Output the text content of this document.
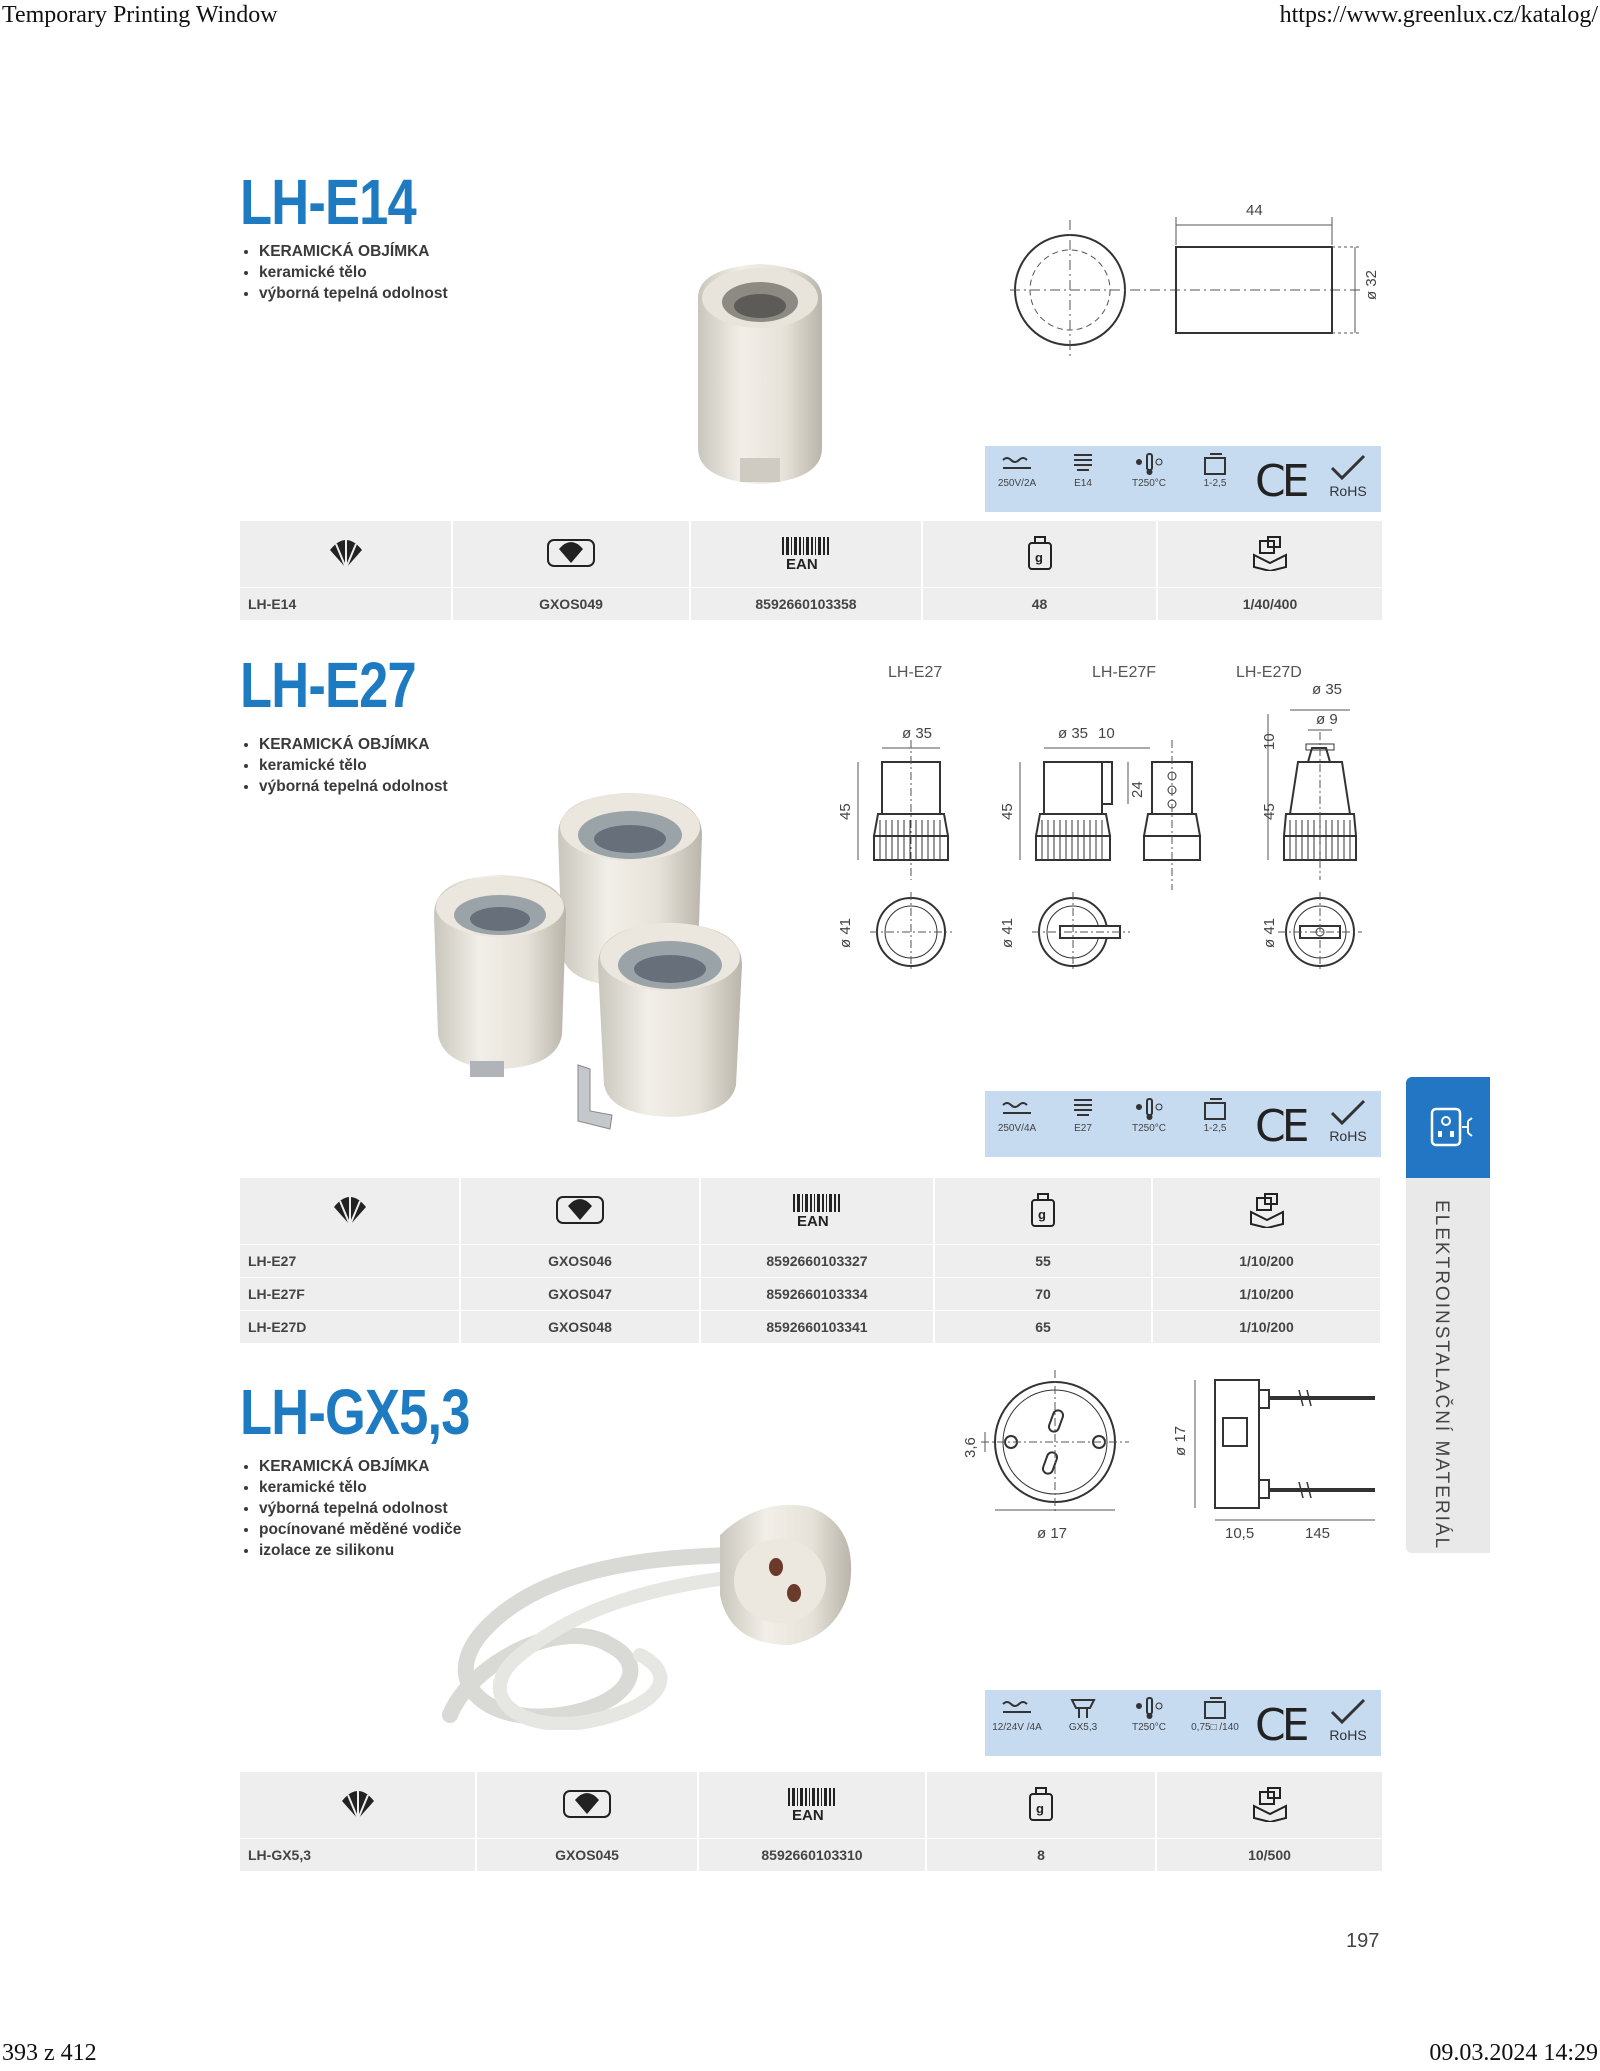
Temporary Printing Window	https://www.greenlux.cz/katalog/
LH-E14
• KERAMICKÁ OBJÍMKA
• keramické tělo
• výborná tepelná odolnost
44
ø 32
250V/2A	E14	T250°C	1-2,5 CE	RoHS

EAN	g

LH-E14	GXOS049	8592660103358	48	1/40/400
LH-E27
• KERAMICKÁ OBJÍMKA
• keramické tělo
• výborná tepelná odolnost
LH-E27	LH-E27F	LH-E27D
ø 35
45
ø 41
ø 35 10
45
24
ø 41
ø 35
ø 9
10
45
ø 41
250V/4A	E27	T250°C	1-2,5 CE	RoHS

EAN	g

LH-E27	GXOS046	8592660103327	55	1/10/200
LH-E27F	GXOS047	8592660103334	70	1/10/200
LH-E27D	GXOS048	8592660103341	65	1/10/200
LH-GX5,3
• KERAMICKÁ OBJÍMKA
• keramické tělo
• výborná tepelná odolnost
• pocínované měděné vodiče
• izolace ze silikonu
3,6
ø 17
ø 17
10,5	145
12/24V /4A	GX5,3	T250°C	0,75□ /140 CE	RoHS

EAN	g

LH-GX5,3	GXOS045	8592660103310	8	10/500
ELEKTROINSTALAČNÍ MATERIÁL
197
393 z 412	09.03.2024 14:29
